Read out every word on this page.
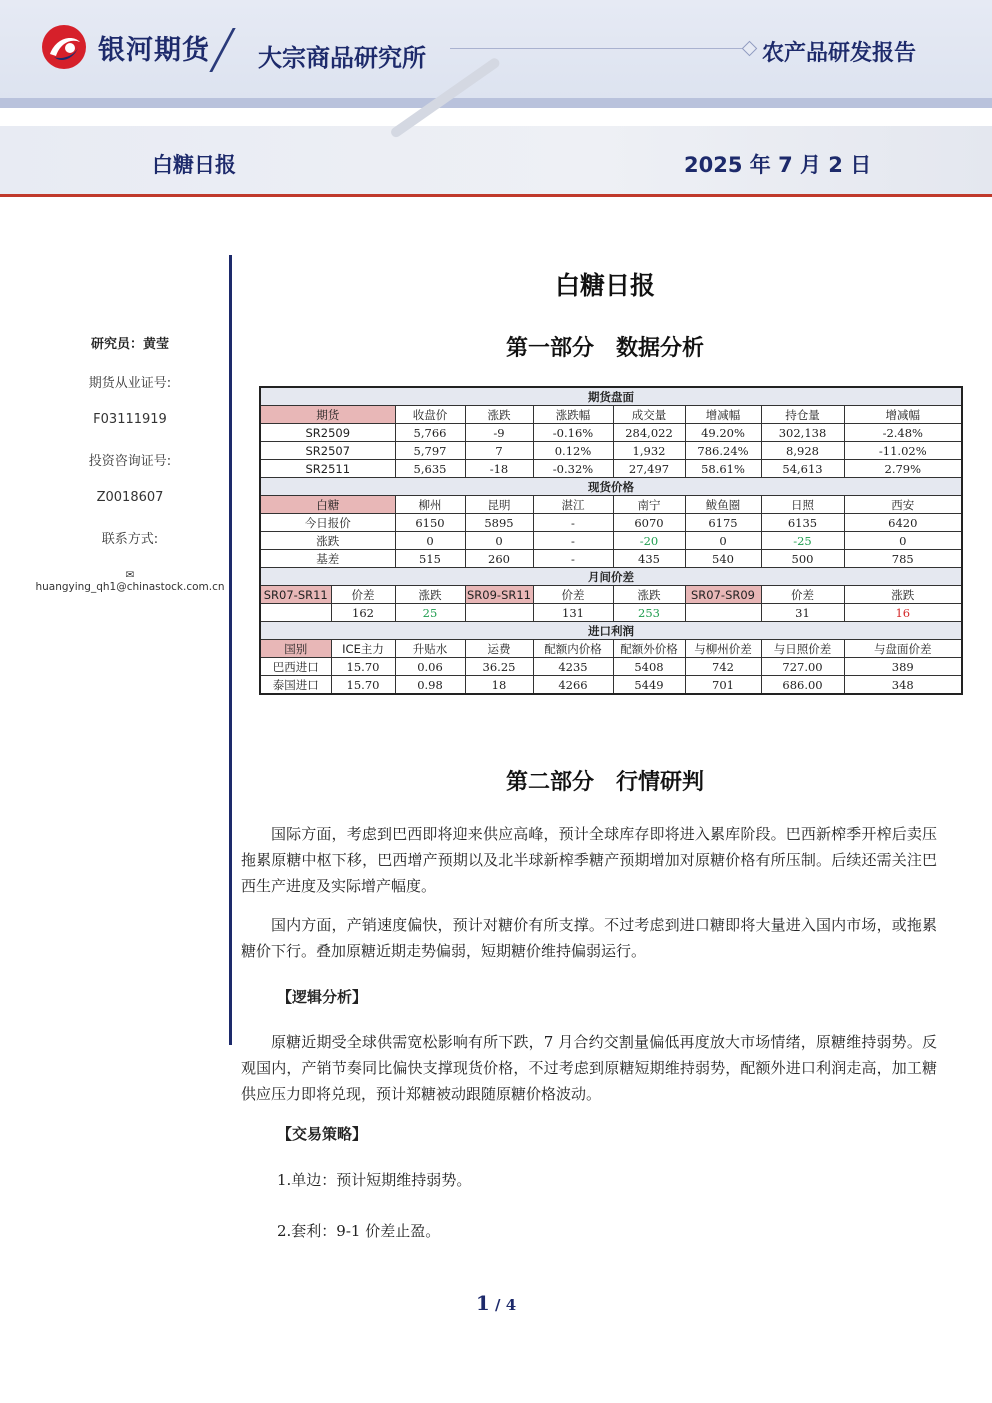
银河期货 大宗商品研究所	农产品研发报告
白糖日报	2025 年 7 月 2 日
研究员：黄莹
期货从业证号:
F03111919
投资咨询证号:
Z0018607
联系方式:
✉huangying_qh1@chinastock.com.cn
白糖日报
第一部分　数据分析
期货盘面								
期货		收盘价	涨跌	涨跌幅	成交量	增减幅	持仓量	增减幅
SR2509		5,766	-9	-0.16%	284,022	49.20%	302,138	-2.48%
SR2507		5,797	7	0.12%	1,932	786.24%	8,928	-11.02%
SR2511		5,635	-18	-0.32%	27,497	58.61%	54,613	2.79%
现货价格								
白糖		柳州	昆明	湛江	南宁	鲅鱼圈	日照	西安
今日报价		6150	5895	-	6070	6175	6135	6420
涨跌		0	0	-	-20	0	-25	0
基差		515	260	-	435	540	500	785
月间价差								
SR07-SR11	价差	涨跌	SR09-SR11	价差	涨跌	SR07-SR09	价差	涨跌
	162	25		131	253		31	16
进口利润								
国别	ICE主力	升贴水	运费	配额内价格	配额外价格	与柳州价差	与日照价差	与盘面价差
巴西进口	15.70	0.06	36.25	4235	5408	742	727.00	389
泰国进口	15.70	0.98	18	4266	5449	701	686.00	348
第二部分　行情研判
国际方面，考虑到巴西即将迎来供应高峰，预计全球库存即将进入累库阶段。巴西新榨季开榨后卖压拖累原糖中枢下移，巴西增产预期以及北半球新榨季糖产预期增加对原糖价格有所压制。后续还需关注巴西生产进度及实际增产幅度。
国内方面，产销速度偏快，预计对糖价有所支撑。不过考虑到进口糖即将大量进入国内市场，或拖累糖价下行。叠加原糖近期走势偏弱，短期糖价维持偏弱运行。
【逻辑分析】
原糖近期受全球供需宽松影响有所下跌，7 月合约交割量偏低再度放大市场情绪，原糖维持弱势。反观国内，产销节奏同比偏快支撑现货价格，不过考虑到原糖短期维持弱势，配额外进口利润走高，加工糖供应压力即将兑现，预计郑糖被动跟随原糖价格波动。
【交易策略】
1.单边：预计短期维持弱势。
2.套利：9-1 价差止盈。
1 / 4
